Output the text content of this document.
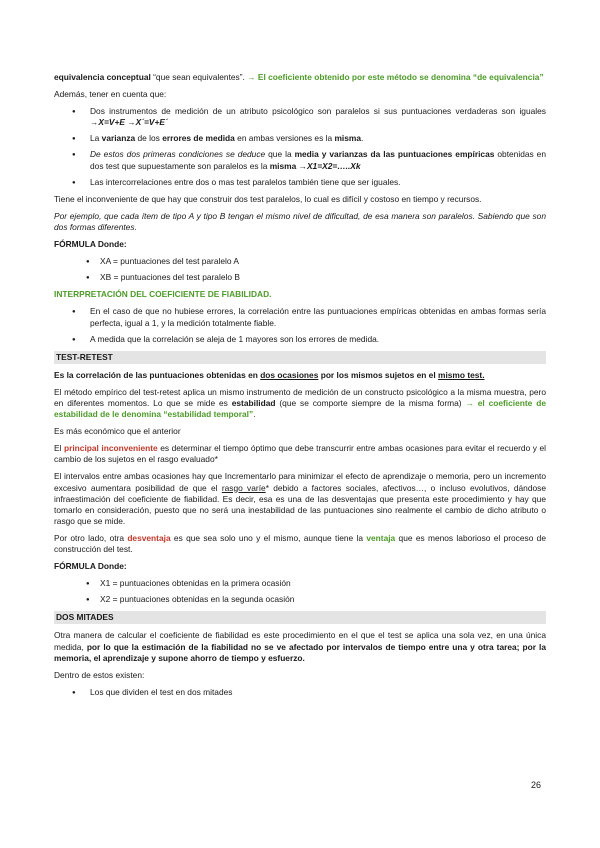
equivalencia conceptual “que sean equivalentes”. → El coeficiente obtenido por este método se denomina “de equivalencia”

Además, tener en cuenta que:

● Dos instrumentos de medición de un atributo psicológico son paralelos si sus puntuaciones verdaderas son iguales →X=V+E →X´=V+E´
● La varianza de los errores de medida en ambas versiones es la misma.
● De estos dos primeras condiciones se deduce que la media y varianzas da las puntuaciones empíricas obtenidas en dos test que supuestamente son paralelos es la misma →X1=X2=…..Xk
● Las intercorrelaciones entre dos o mas test paralelos también tiene que ser iguales.

Tiene el inconveniente de que hay que construir dos test paralelos, lo cual es difícil y costoso en tiempo y recursos.

Por ejemplo, que cada ítem de tipo A y tipo B tengan el mismo nivel de dificultad, de esa manera son paralelos. Sabiendo que son dos formas diferentes.

FÓRMULA Donde:

● XA = puntuaciones del test paralelo A
● XB = puntuaciones del test paralelo B

INTERPRETACIÓN DEL COEFICIENTE DE FIABILIDAD.

● En el caso de que no hubiese errores, la correlación entre las puntuaciones empíricas obtenidas en ambas formas sería perfecta, igual a 1, y la medición totalmente fiable.
● A medida que la correlación se aleja de 1 mayores son los errores de medida.
TEST-RETEST

Es la correlación de las puntuaciones obtenidas en dos ocasiones por los mismos sujetos en el mismo test.

El método empírico del test-retest aplica un mismo instrumento de medición de un constructo psicológico a la misma muestra, pero en diferentes momentos. Lo que se mide es estabilidad (que se comporte siempre de la misma forma) → el coeficiente de estabilidad de le denomina “estabilidad temporal”.

Es más económico que el anterior

El principal inconveniente es determinar el tiempo óptimo que debe transcurrir entre ambas ocasiones para evitar el recuerdo y el cambio de los sujetos en el rasgo evaluado*

El intervalos entre ambas ocasiones hay que Incrementarlo para minimizar el efecto de aprendizaje o memoria, pero un incremento excesivo aumentara posibilidad de que el rasgo varíe* debido a factores sociales, afectivos…, o incluso evolutivos, dándose infraestimación del coeficiente de fiabilidad. Es decir, esa es una de las desventajas que presenta este procedimiento y hay que tomarlo en consideración, puesto que no será una inestabilidad de las puntuaciones sino realmente el cambio de dicho atributo o rasgo que se mide.

Por otro lado, otra desventaja es que sea solo uno y el mismo, aunque tiene la ventaja que es menos laborioso el proceso de construcción del test.

FÓRMULA Donde:

● X1 = puntuaciones obtenidas en la primera ocasión
● X2 = puntuaciones obtenidas en la segunda ocasión
DOS MITADES

Otra manera de calcular el coeficiente de fiabilidad es este procedimiento en el que el test se aplica una sola vez, en una única medida, por lo que la estimación de la fiabilidad no se ve afectado por intervalos de tiempo entre una y otra tarea; por la memoria, el aprendizaje y supone ahorro de tiempo y esfuerzo.

Dentro de estos existen:

● Los que dividen el test en dos mitades
26
